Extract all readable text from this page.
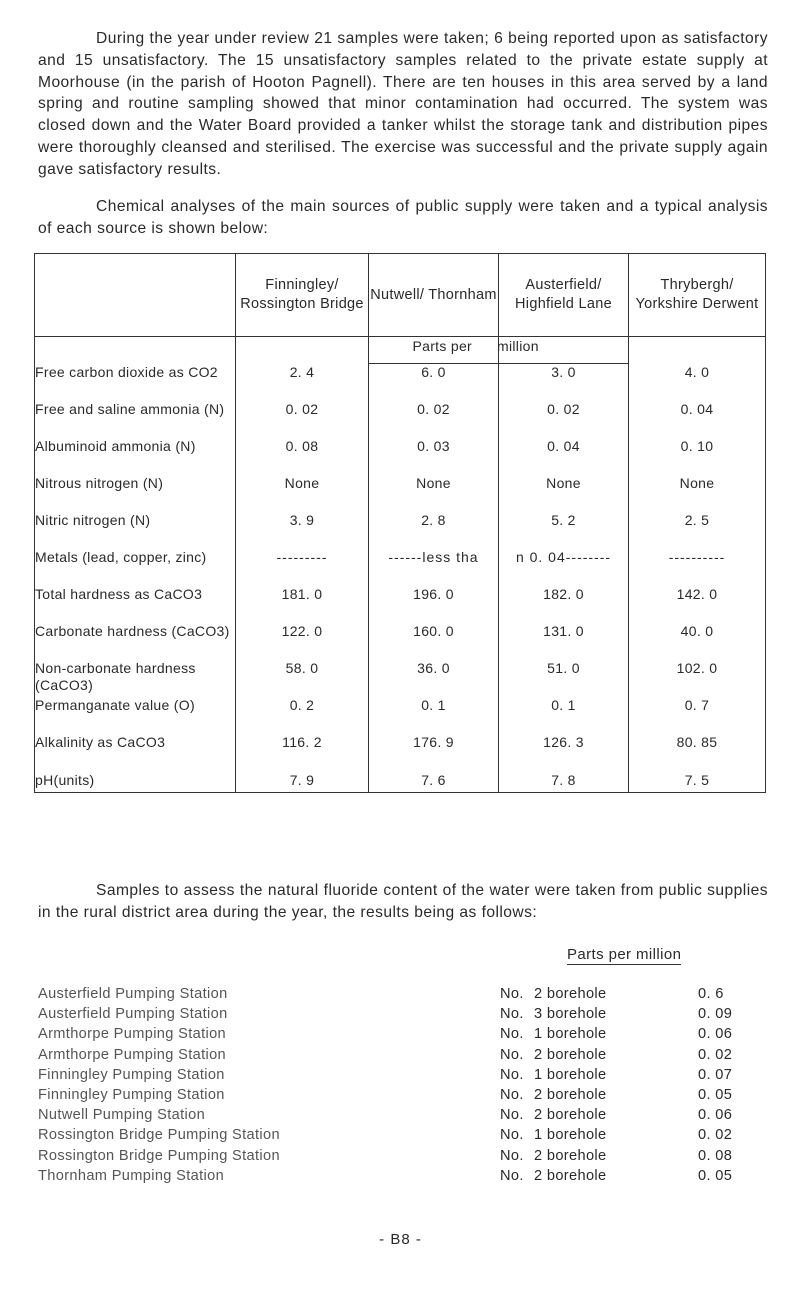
During the year under review 21 samples were taken; 6 being reported upon as satisfactory and 15 unsatisfactory. The 15 unsatisfactory samples related to the private estate supply at Moorhouse (in the parish of Hooton Pagnell). There are ten houses in this area served by a land spring and routine sampling showed that minor contamination had occurred. The system was closed down and the Water Board provided a tanker whilst the storage tank and distribution pipes were thoroughly cleansed and sterilised. The exercise was successful and the private supply again gave satisfactory results.

Chemical analyses of the main sources of public supply were taken and a typical analysis of each source is shown below:

	Finningley/ Rossington Bridge	Nutwell/ Thornham	Austerfield/ Highfield Lane	Thrybergh/ Yorkshire Derwent
		Parts per	million	
Free carbon dioxide as CO2	2. 4	6. 0	3. 0	4. 0
Free and saline ammonia (N)	0. 02	0. 02	0. 02	0. 04
Albuminoid ammonia (N)	0. 08	0. 03	0. 04	0. 10
Nitrous nitrogen (N)	None	None	None	None
Nitric nitrogen (N)	3. 9	2. 8	5. 2	2. 5
Metals (lead, copper, zinc)	---------	------less tha	n 0. 04--------	----------
Total hardness as CaCO3	181. 0	196. 0	182. 0	142. 0
Carbonate hardness (CaCO3)	122. 0	160. 0	131. 0	40. 0
Non-carbonate hardness (CaCO3)	58. 0	36. 0	51. 0	102. 0
Permanganate value (O)	0. 2	0. 1	0. 1	0. 7
Alkalinity as CaCO3	116. 2	176. 9	126. 3	80. 85
pH(units)	7. 9	7. 6	7. 8	7. 5

Samples to assess the natural fluoride content of the water were taken from public supplies in the rural district area during the year, the results being as follows:

Parts per million
Austerfield Pumping Station	No. 2 borehole	0. 6
Austerfield Pumping Station	No. 3 borehole	0. 09
Armthorpe Pumping Station	No. 1 borehole	0. 06
Armthorpe Pumping Station	No. 2 borehole	0. 02
Finningley Pumping Station	No. 1 borehole	0. 07
Finningley Pumping Station	No. 2 borehole	0. 05
Nutwell Pumping Station	No. 2 borehole	0. 06
Rossington Bridge Pumping Station	No. 1 borehole	0. 02
Rossington Bridge Pumping Station	No. 2 borehole	0. 08
Thornham Pumping Station	No. 2 borehole	0. 05
- B8 -
